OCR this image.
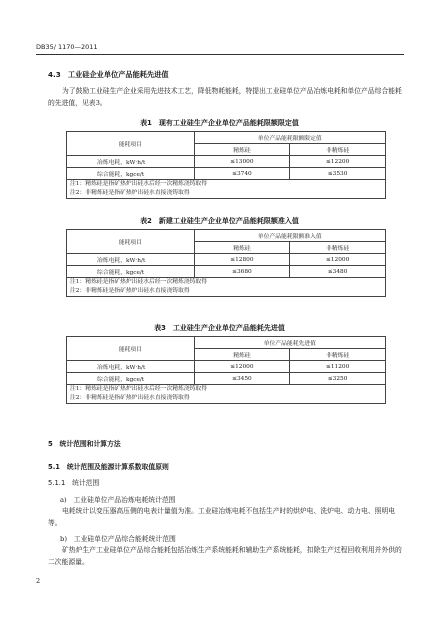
DB35/ 1170—2011
4.3　工业硅企业单位产品能耗先进值
为了鼓励工业硅生产企业采用先进技术工艺，降低物耗能耗，特提出工业硅单位产品冶炼电耗和单位产品综合能耗的先进值，见表3。
表1　现有工业硅生产企业单位产品能耗限额限定值
能耗项目	单位产品能耗限额限定值	
	精炼硅	非精炼硅
冶炼电耗，kW·h/t	≤13000	≤12200
综合能耗，kgce/t	≤3740	≤3530

注1：精炼硅是指矿热炉出硅水后经一次精炼浇铸取得
注2：非精炼硅是指矿热炉出硅水直接浇铸取得		
表2　新建工业硅生产企业单位产品能耗限额准入值
能耗项目	单位产品能耗限额准入值	
	精炼硅	非精炼硅
冶炼电耗，kW·h/t	≤12800	≤12000
综合能耗，kgce/t	≤3680	≤3480

注1：精炼硅是指矿热炉出硅水后经一次精炼浇铸取得
注2：非精炼硅是指矿热炉出硅水直接浇铸取得		
表3　工业硅生产企业单位产品能耗先进值
能耗项目	单位产品能耗先进值	
	精炼硅	非精炼硅
冶炼电耗，kW·h/t	≤12000	≤11200
综合能耗，kgce/t	≤3450	≤3250

注1：精炼硅是指矿热炉出硅水后经一次精炼浇铸取得
注2：非精炼硅是指矿热炉出硅水直接浇铸取得		
5　统计范围和计算方法
5.1　统计范围及能源计算系数取值原则
5.1.1　统计范围
a)　工业硅单位产品冶炼电耗统计范围
电耗统计以变压器高压侧的电表计量值为准。工业硅冶炼电耗不包括生产时的烘炉电、洗炉电、动力电、照明电等。
b)　工业硅单位产品综合能耗统计范围
矿热炉生产工业硅单位产品综合能耗包括冶炼生产系统能耗和辅助生产系统能耗，扣除生产过程回收利用并外供的二次能源量。
2
